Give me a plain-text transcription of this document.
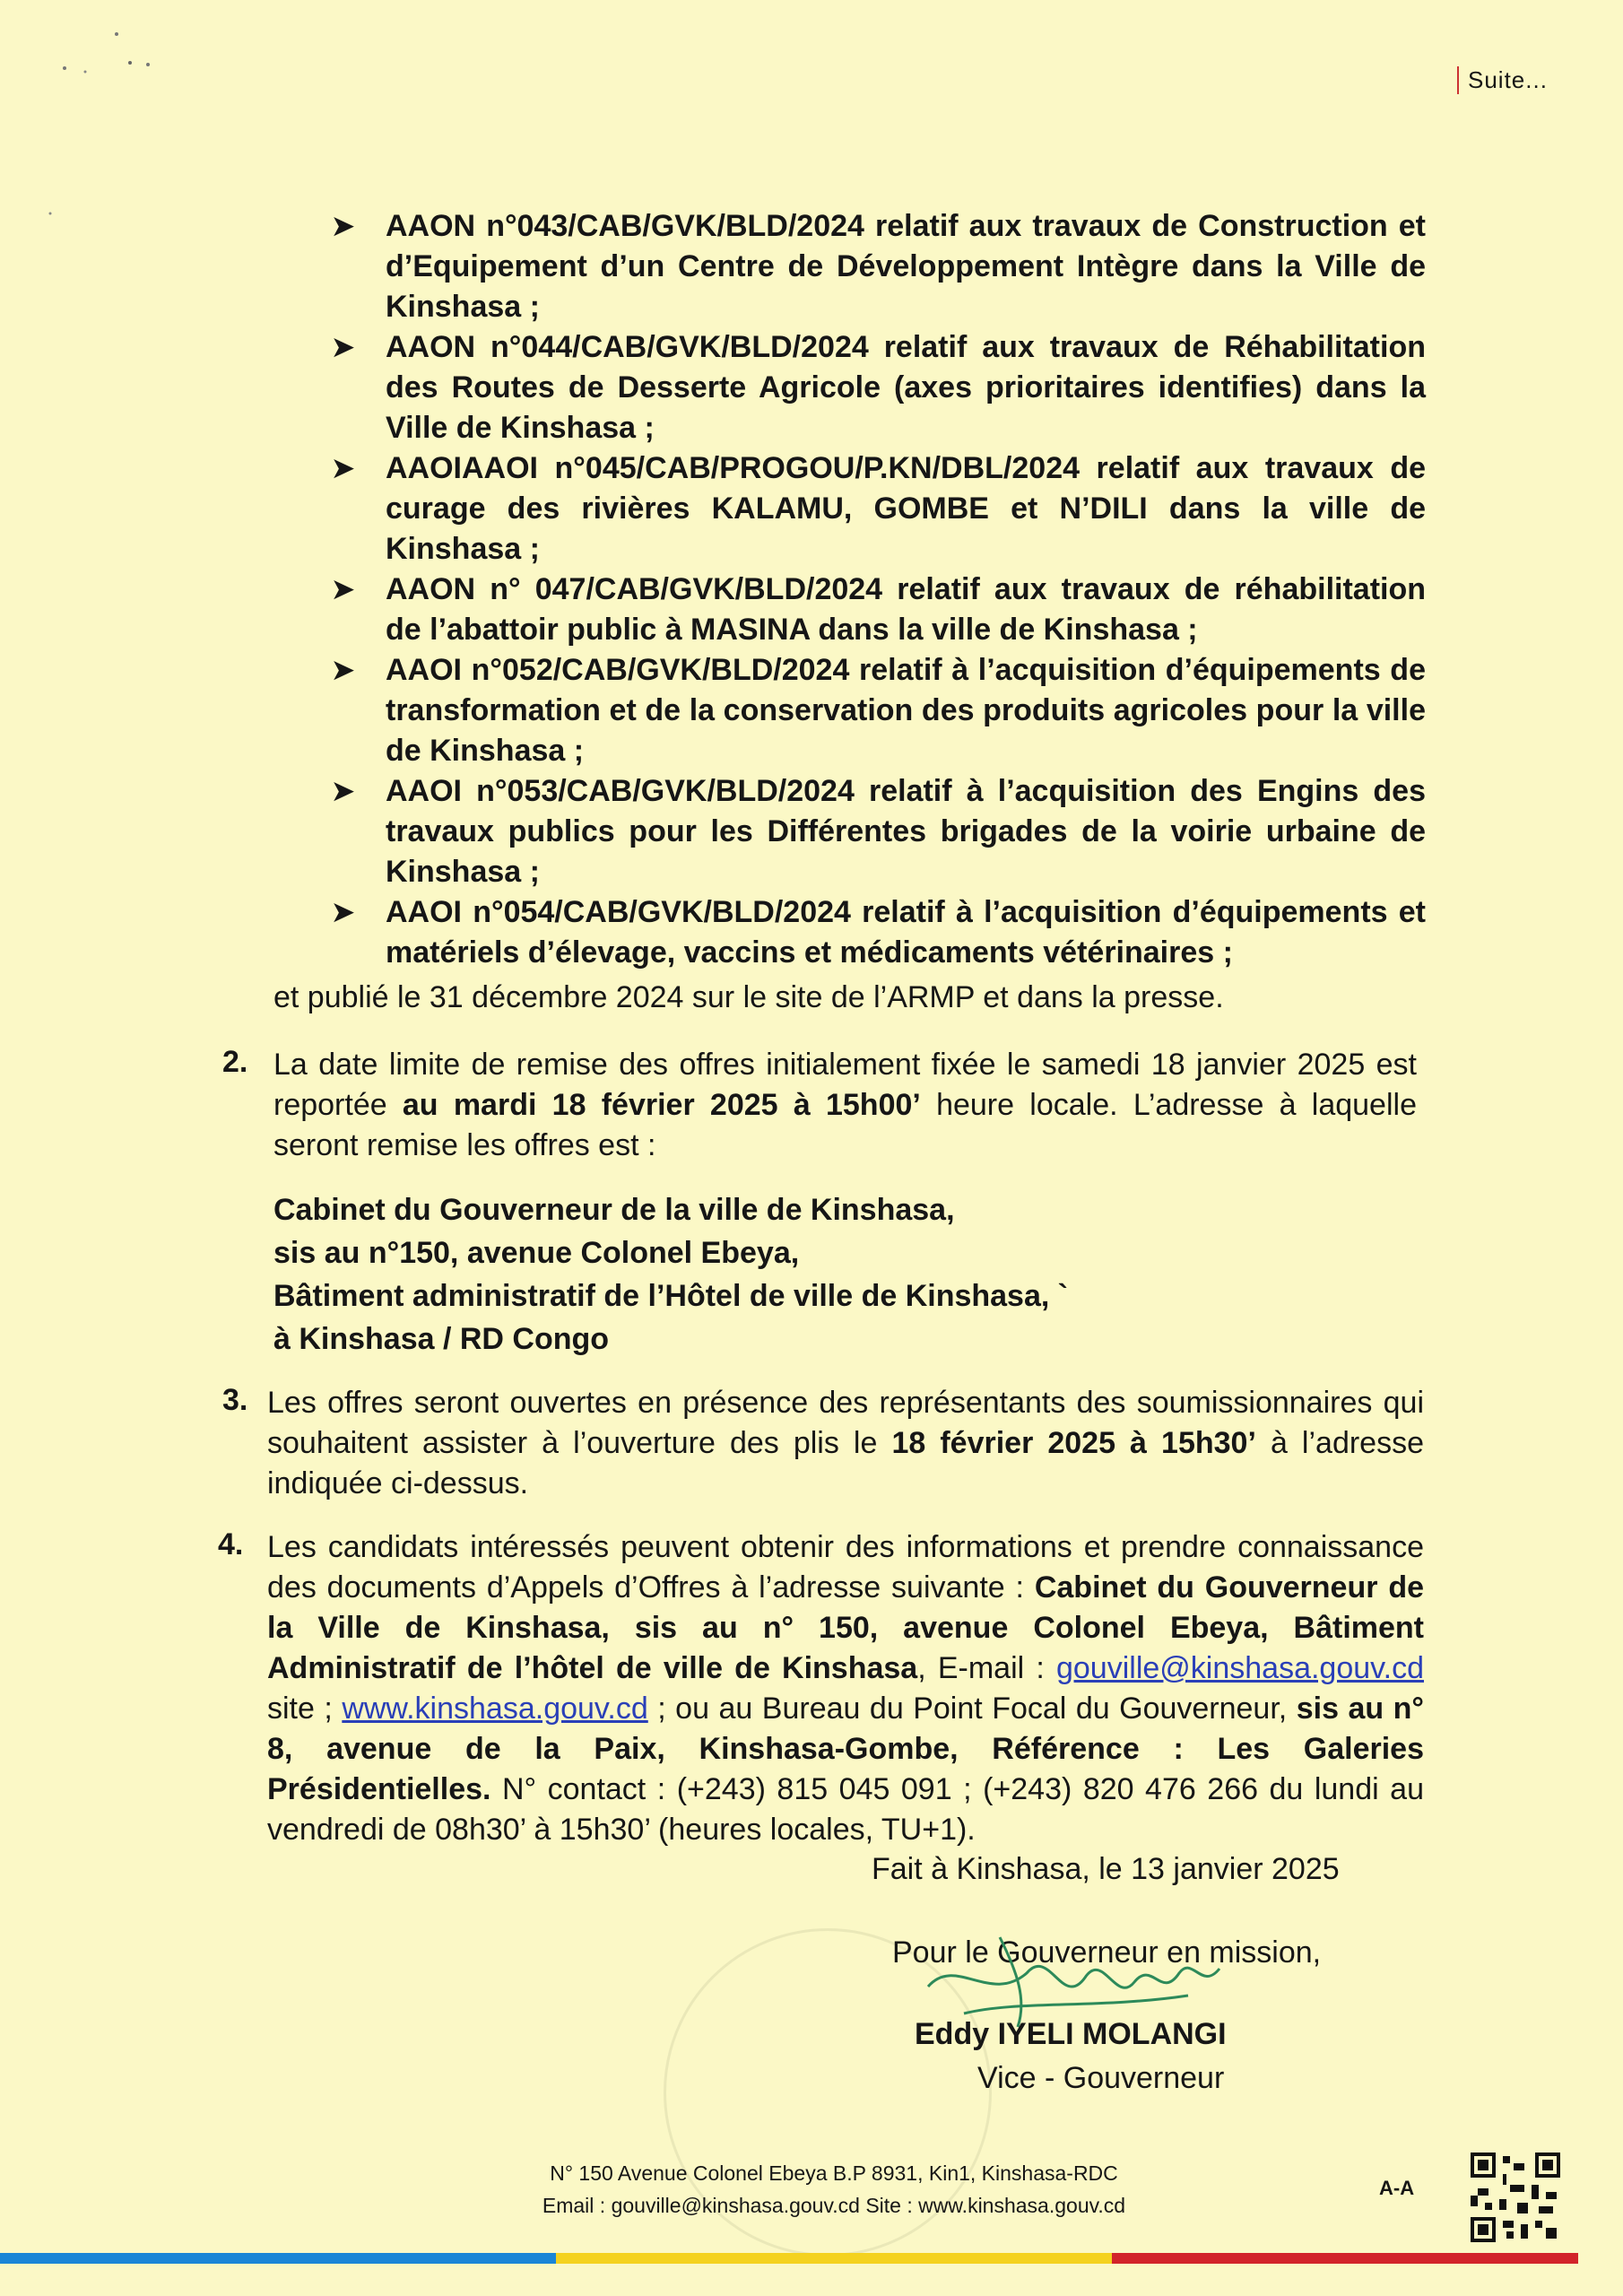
Suite...
➤ AAON n°043/CAB/GVK/BLD/2024 relatif aux travaux de Construction et d’Equipement d’un Centre de Développement Intègre dans la Ville de Kinshasa ;
➤ AAON n°044/CAB/GVK/BLD/2024 relatif aux travaux de Réhabilitation des Routes de Desserte Agricole (axes prioritaires identifies) dans la Ville de Kinshasa ;
➤ AAOIAAOI n°045/CAB/PROGOU/P.KN/DBL/2024 relatif aux travaux de curage des rivières KALAMU, GOMBE et N’DILI dans la ville de Kinshasa ;
➤ AAON n° 047/CAB/GVK/BLD/2024 relatif aux travaux de réhabilitation de l’abattoir public à MASINA dans la ville de Kinshasa ;
➤ AAOI n°052/CAB/GVK/BLD/2024 relatif à l’acquisition d’équipements de transformation et de la conservation des produits agricoles pour la ville de Kinshasa ;
➤ AAOI n°053/CAB/GVK/BLD/2024 relatif à l’acquisition des Engins des travaux publics pour les Différentes brigades de la voirie urbaine de Kinshasa ;
➤ AAOI n°054/CAB/GVK/BLD/2024 relatif à l’acquisition d’équipements et matériels d’élevage, vaccins et médicaments vétérinaires ;
et publié le 31 décembre 2024 sur le site de l’ARMP et dans la presse.
2. La date limite de remise des offres initialement fixée le samedi 18 janvier 2025 est reportée au mardi 18 février 2025 à 15h00’ heure locale. L’adresse à laquelle seront remise les offres est :
Cabinet du Gouverneur de la ville de Kinshasa,
sis au n°150, avenue Colonel Ebeya,
Bâtiment administratif de l’Hôtel de ville de Kinshasa, `
à Kinshasa / RD Congo
3. Les offres seront ouvertes en présence des représentants des soumissionnaires qui souhaitent assister à l’ouverture des plis le 18 février 2025 à 15h30’ à l’adresse indiquée ci-dessus.
4. Les candidats intéressés peuvent obtenir des informations et prendre connaissance des documents d’Appels d’Offres à l’adresse suivante : Cabinet du Gouverneur de la Ville de Kinshasa, sis au n° 150, avenue Colonel Ebeya, Bâtiment Administratif de l’hôtel de ville de Kinshasa, E-mail : gouville@kinshasa.gouv.cd site ; www.kinshasa.gouv.cd ; ou au Bureau du Point Focal du Gouverneur, sis au n° 8, avenue de la Paix, Kinshasa-Gombe, Référence : Les Galeries Présidentielles. N° contact : (+243) 815 045 091 ; (+243) 820 476 266 du lundi au vendredi de 08h30’ à 15h30’ (heures locales, TU+1).
Fait à Kinshasa, le 13 janvier 2025
Pour le Gouverneur en mission,
Eddy IYELI MOLANGI
Vice - Gouverneur
N° 150 Avenue Colonel Ebeya B.P 8931, Kin1, Kinshasa-RDC
Email : gouville@kinshasa.gouv.cd Site : www.kinshasa.gouv.cd
A-A
